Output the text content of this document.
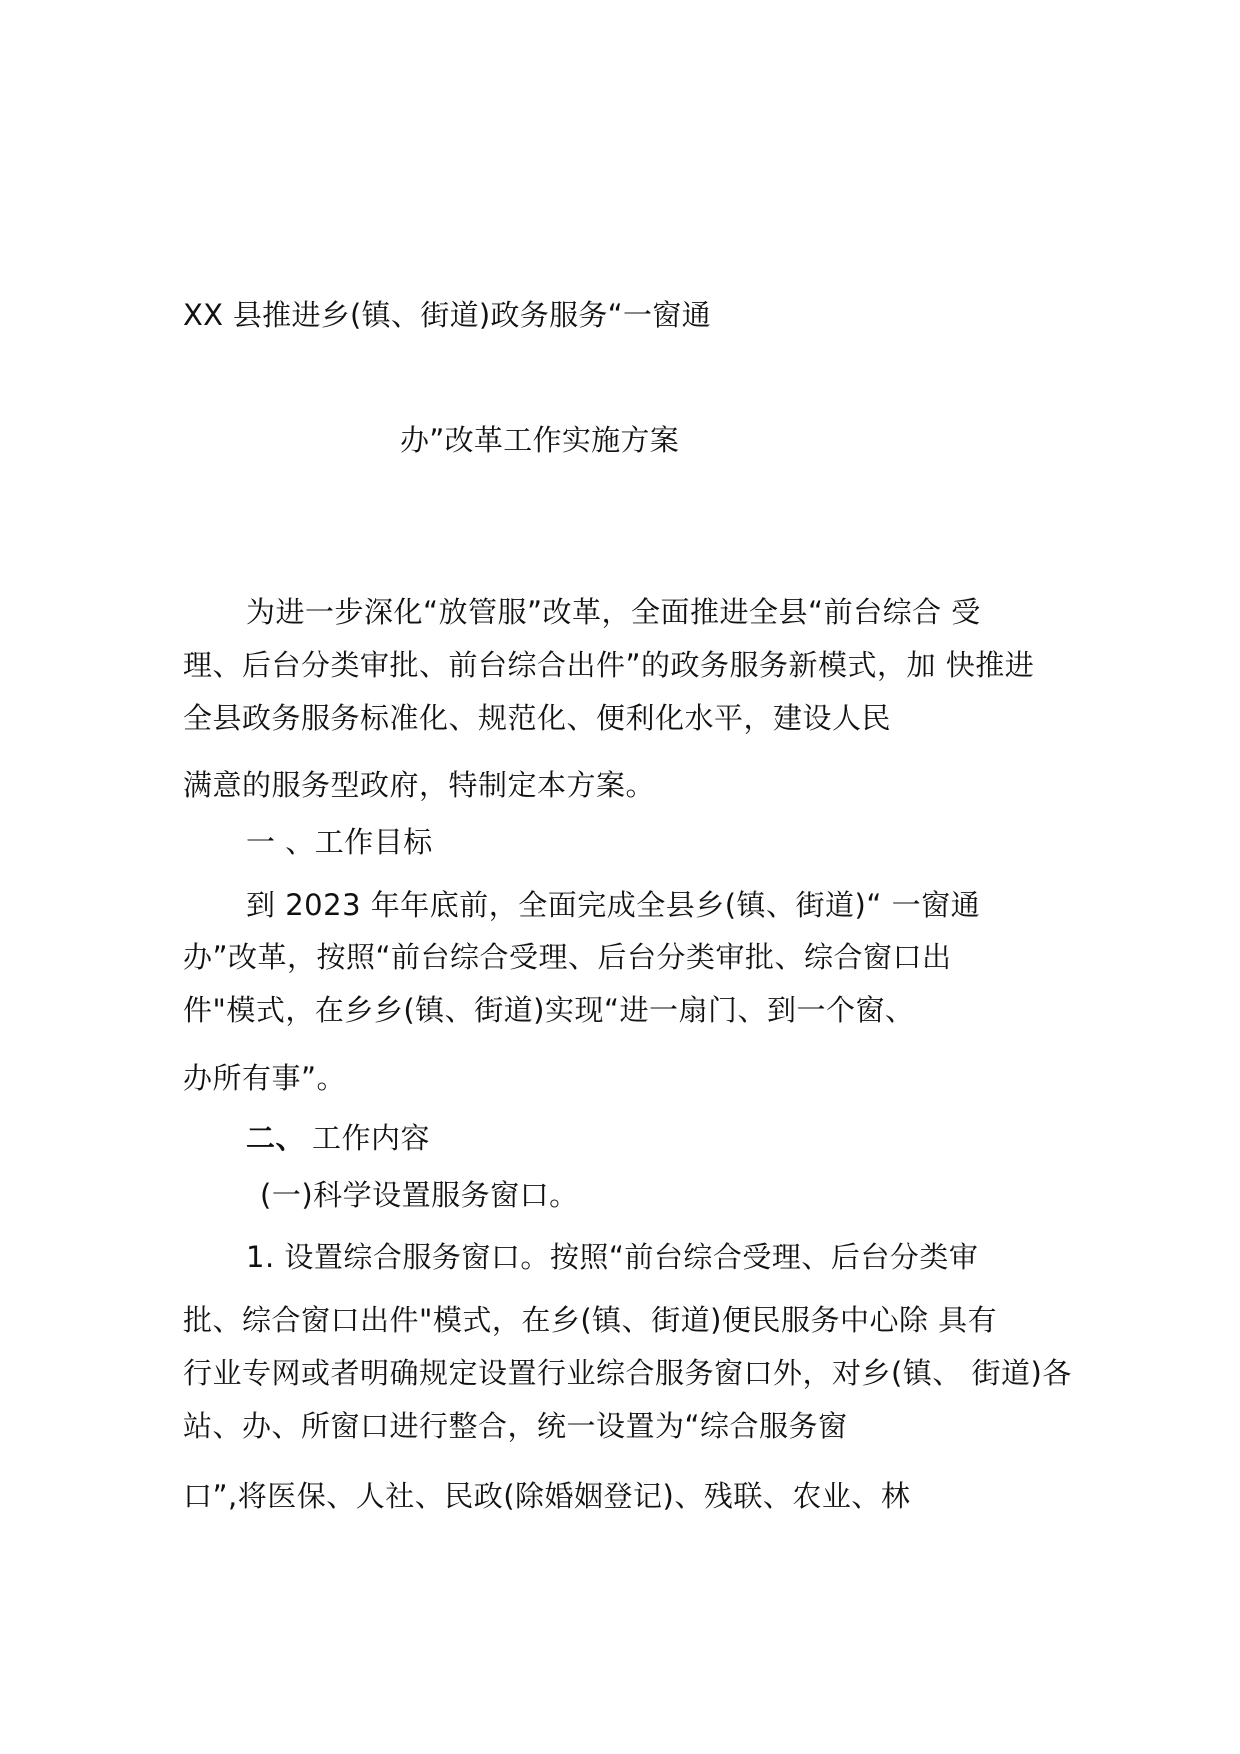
XX 县推进乡(镇、街道)政务服务“一窗通
办”改革工作实施方案
为进一步深化“放管服”改革，全面推进全县“前台综合 受
理、后台分类审批、前台综合出件”的政务服务新模式，加 快推进
全县政务服务标准化、规范化、便利化水平，建设人民
满意的服务型政府，特制定本方案。
一 、工作目标
到 2023 年年底前，全面完成全县乡(镇、街道)“ 一窗通
办”改革，按照“前台综合受理、后台分类审批、综合窗口出
件"模式，在乡乡(镇、街道)实现“进一扇门、到一个窗、
办所有事”。
二、 工作内容
(一)科学设置服务窗口。
1. 设置综合服务窗口。按照“前台综合受理、后台分类审
批、综合窗口出件"模式，在乡(镇、街道)便民服务中心除 具有
行业专网或者明确规定设置行业综合服务窗口外，对乡(镇、 街道)各
站、办、所窗口进行整合，统一设置为“综合服务窗
口”,将医保、人社、民政(除婚姻登记)、残联、农业、林
